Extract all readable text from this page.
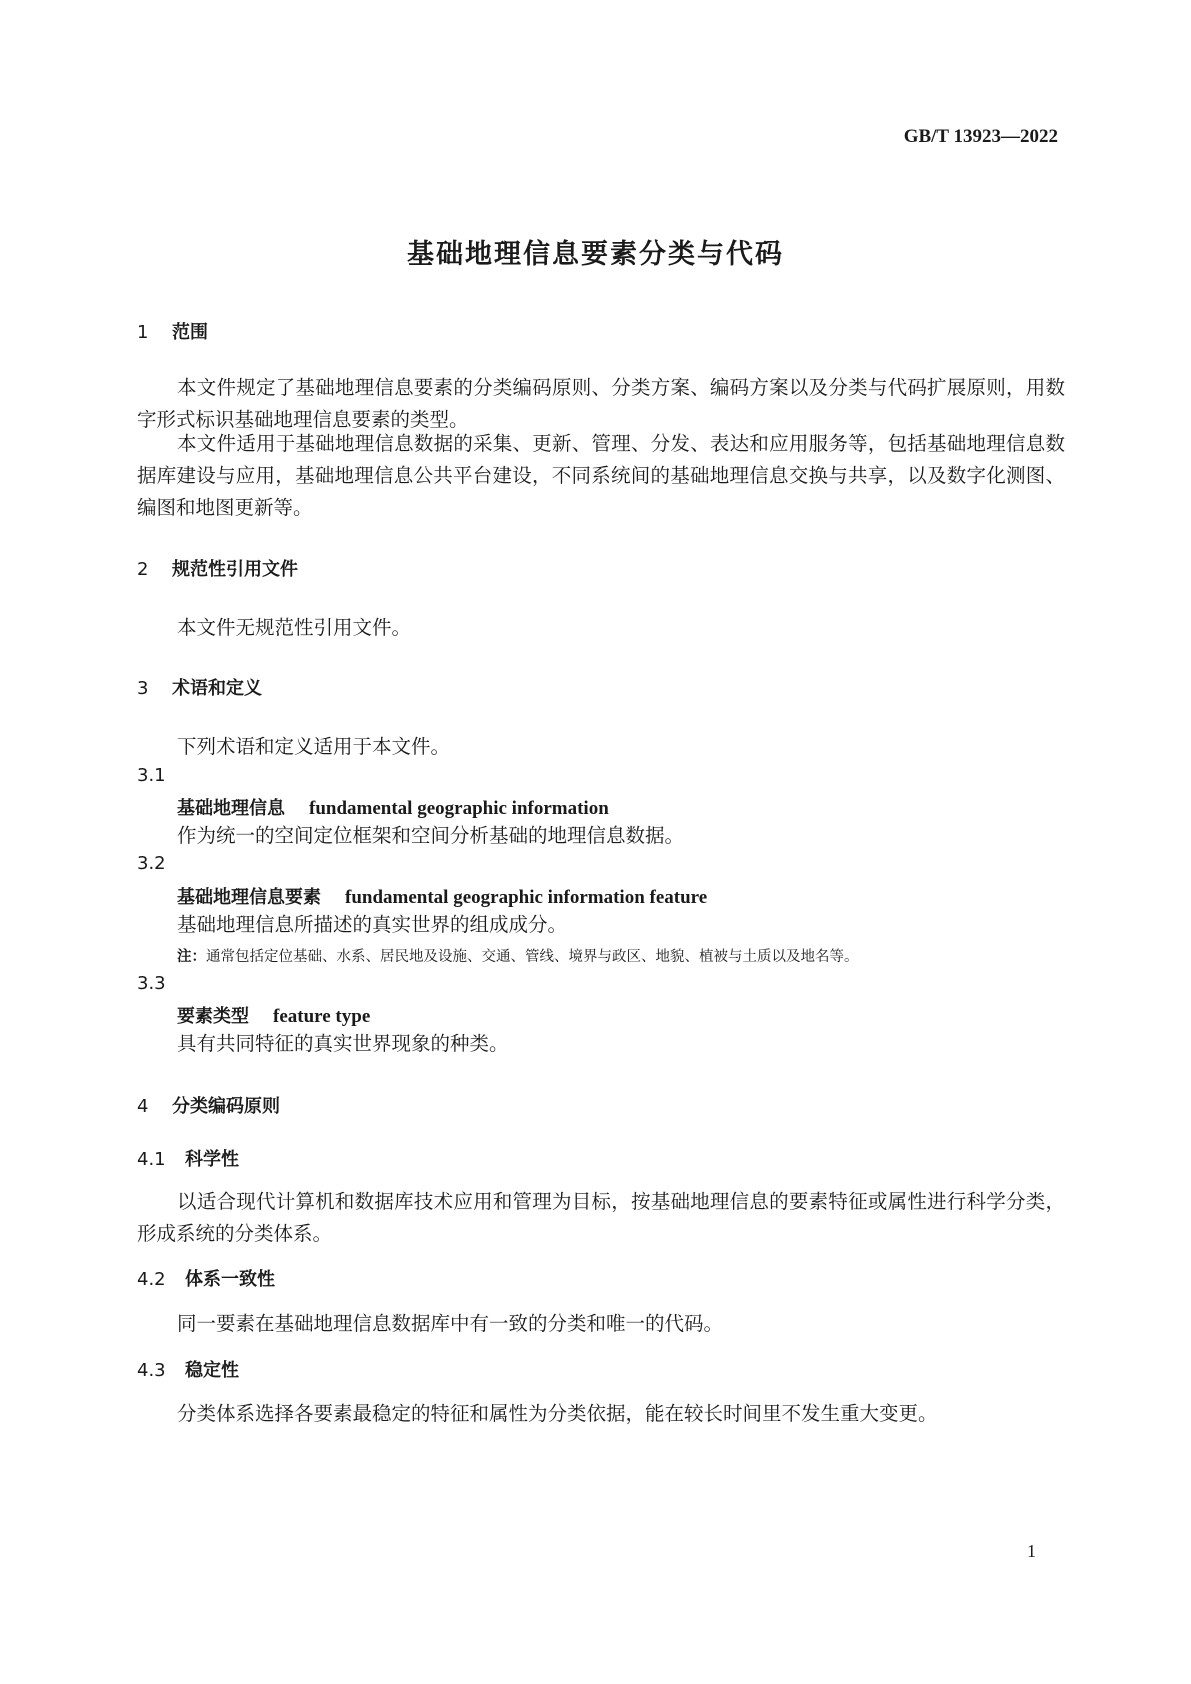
GB/T 13923—2022
基础地理信息要素分类与代码
1 范围
本文件规定了基础地理信息要素的分类编码原则、分类方案、编码方案以及分类与代码扩展原则，用数字形式标识基础地理信息要素的类型。
本文件适用于基础地理信息数据的采集、更新、管理、分发、表达和应用服务等，包括基础地理信息数据库建设与应用，基础地理信息公共平台建设，不同系统间的基础地理信息交换与共享，以及数字化测图、编图和地图更新等。
2 规范性引用文件
本文件无规范性引用文件。
3 术语和定义
下列术语和定义适用于本文件。
3.1
基础地理信息 fundamental geographic information
作为统一的空间定位框架和空间分析基础的地理信息数据。
3.2
基础地理信息要素 fundamental geographic information feature
基础地理信息所描述的真实世界的组成成分。
注：通常包括定位基础、水系、居民地及设施、交通、管线、境界与政区、地貌、植被与土质以及地名等。
3.3
要素类型 feature type
具有共同特征的真实世界现象的种类。
4 分类编码原则
4.1 科学性
以适合现代计算机和数据库技术应用和管理为目标，按基础地理信息的要素特征或属性进行科学分类，形成系统的分类体系。
4.2 体系一致性
同一要素在基础地理信息数据库中有一致的分类和唯一的代码。
4.3 稳定性
分类体系选择各要素最稳定的特征和属性为分类依据，能在较长时间里不发生重大变更。
1
